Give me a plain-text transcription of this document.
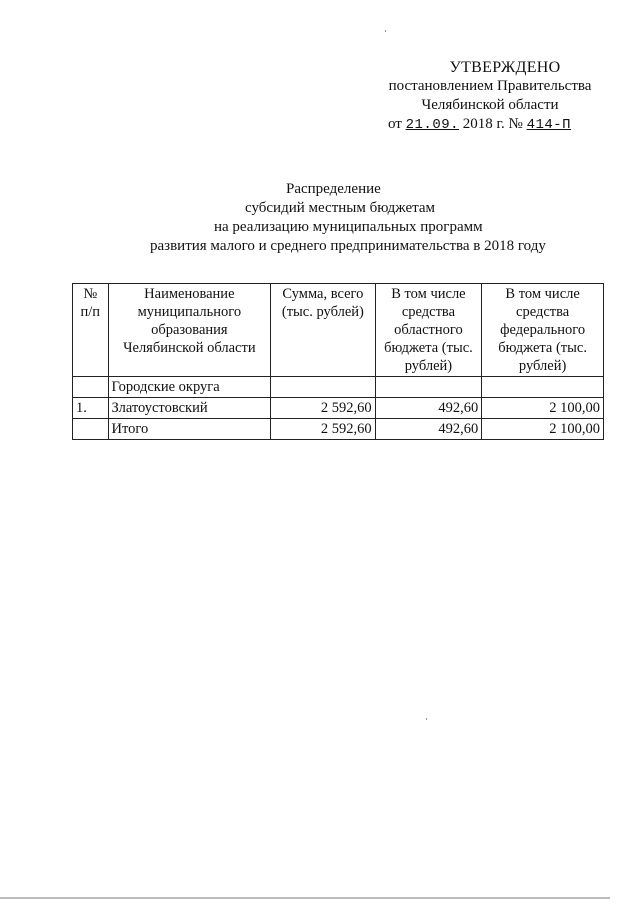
УТВЕРЖДЕНО
постановлением Правительства
Челябинской области
от 21.09. 2018 г. № 414-П
Распределение
субсидий местным бюджетам
на реализацию муниципальных программ
развития малого и среднего предпринимательства в 2018 году
№ п/п	Наименование муниципального образования Челябинской области	Сумма, всего (тыс. рублей)	В том числе средства областного бюджета (тыс. рублей)	В том числе средства федерального бюджета (тыс. рублей)
	Городские округа			
1.	Златоустовский	2 592,60	492,60	2 100,00
	Итого	2 592,60	492,60	2 100,00
